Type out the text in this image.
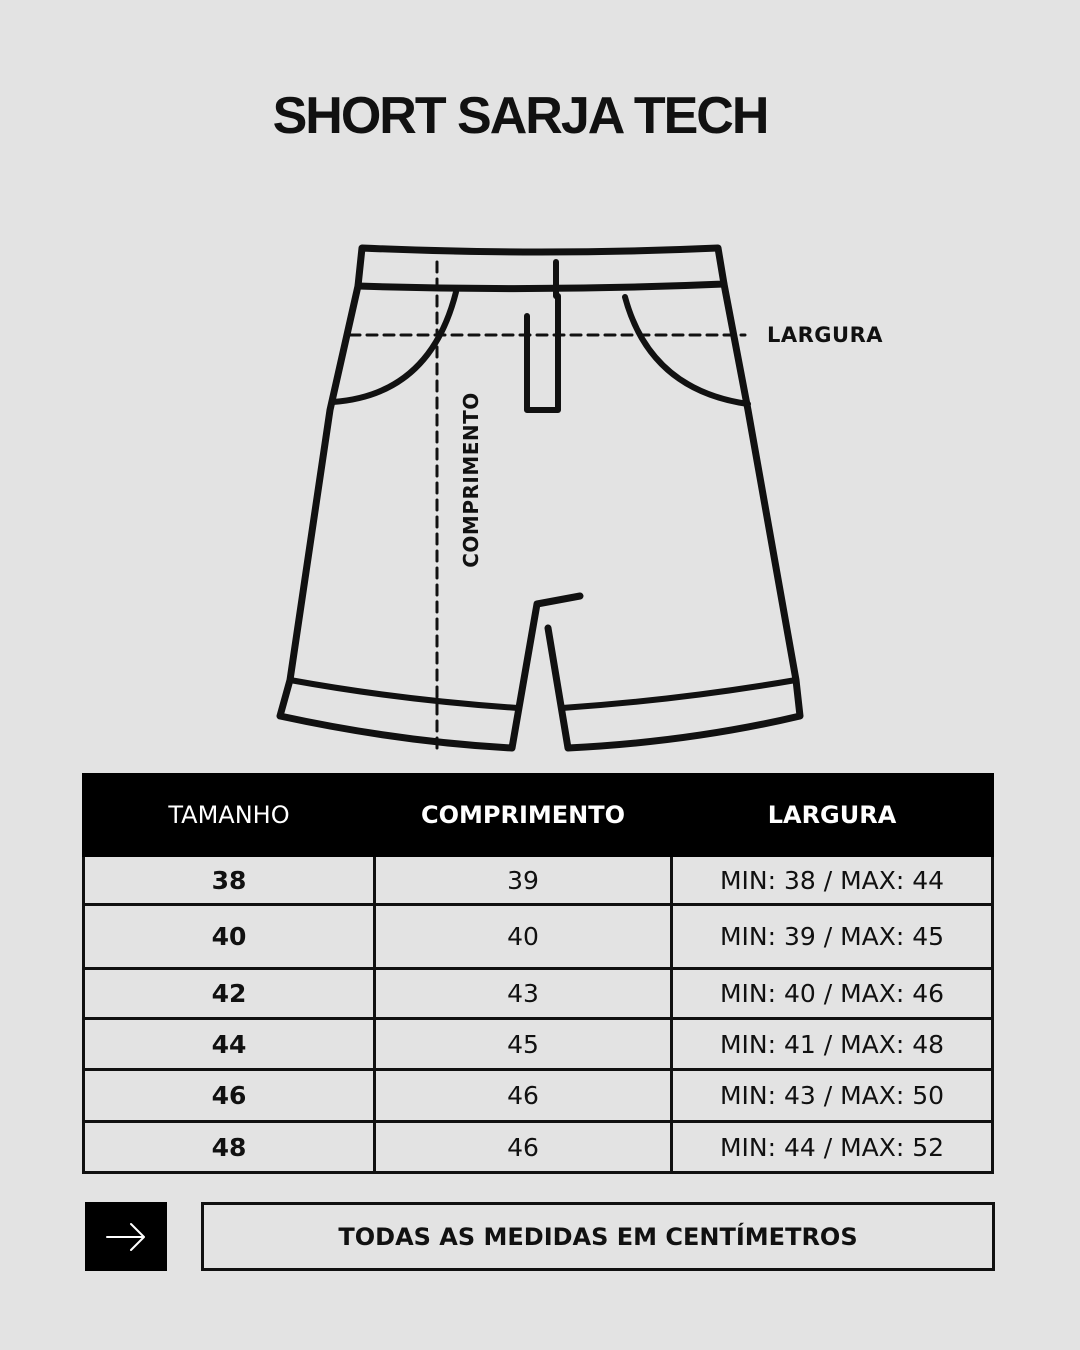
SHORT SARJA TECH
LARGURA
COMPRIMENTO
TAMANHO	COMPRIMENTO	LARGURA
38	39	MIN: 38 / MAX: 44
40	40	MIN: 39 / MAX: 45
42	43	MIN: 40 / MAX: 46
44	45	MIN: 41 / MAX: 48
46	46	MIN: 43 / MAX: 50
48	46	MIN: 44 / MAX: 52
TODAS AS MEDIDAS EM CENTÍMETROS
